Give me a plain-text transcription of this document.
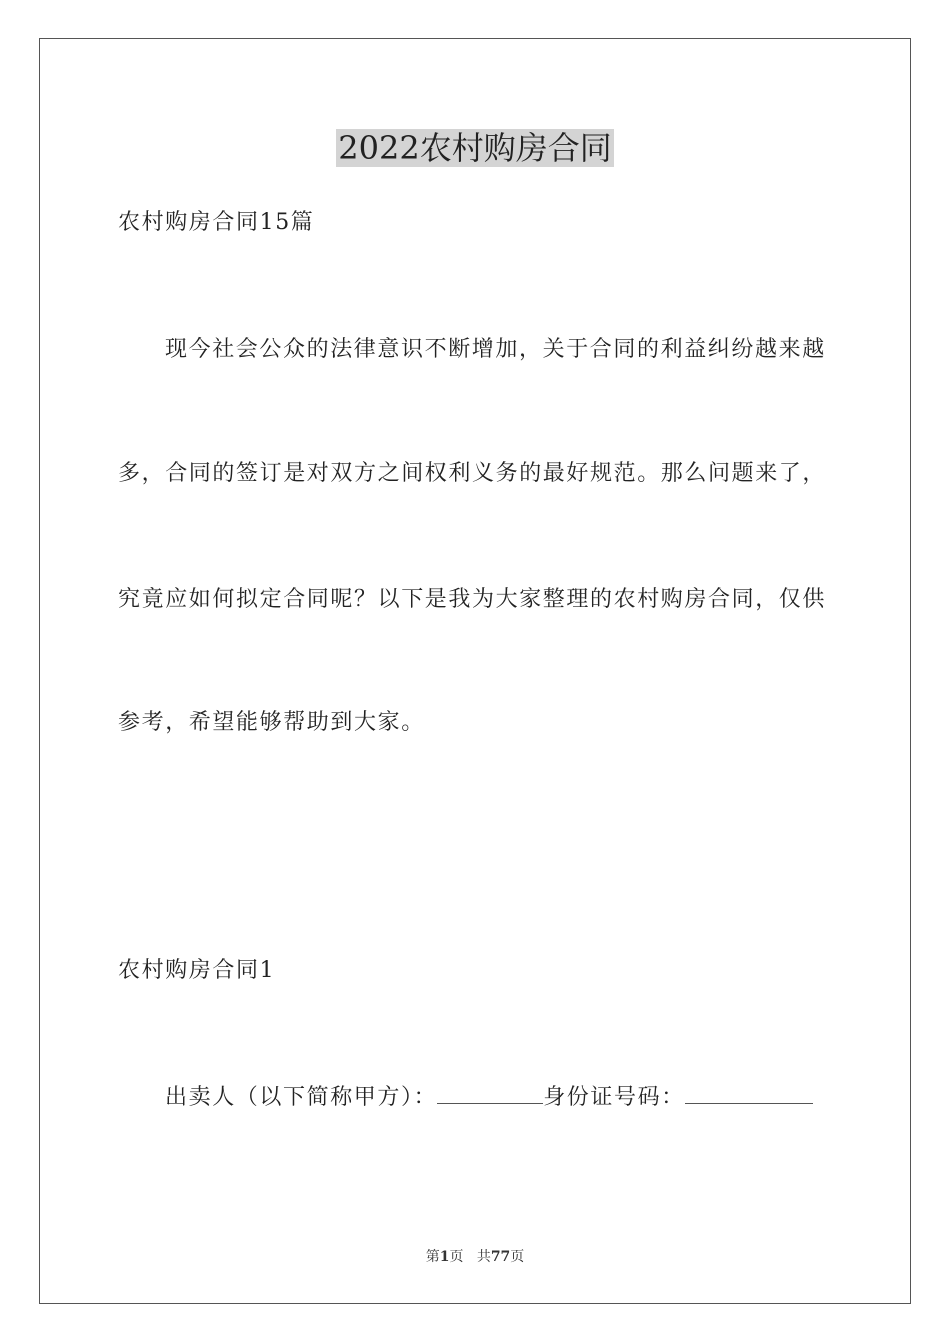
2022农村购房合同
农村购房合同15篇
现今社会公众的法律意识不断增加，关于合同的利益纠纷越来越
多，合同的签订是对双方之间权利义务的最好规范。那么问题来了，
究竟应如何拟定合同呢？以下是我为大家整理的农村购房合同，仅供
参考，希望能够帮助到大家。
农村购房合同1
出卖人（以下简称甲方）：	身份证号码：
第1页 共77页
